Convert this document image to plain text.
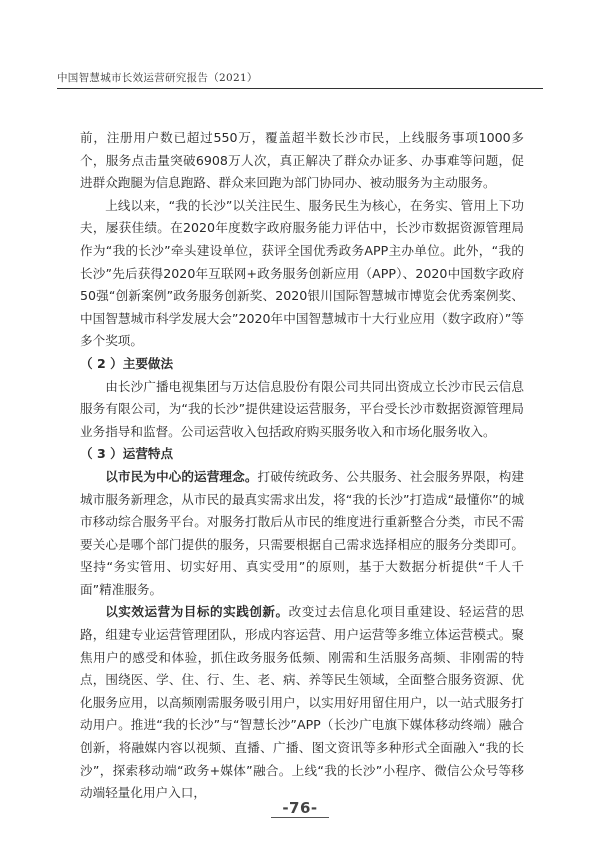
中国智慧城市长效运营研究报告（2021）

前，注册用户数已超过550万，覆盖超半数长沙市民，上线服务事项1000多个，服务点击量突破6908万人次，真正解决了群众办证多、办事难等问题，促进群众跑腿为信息跑路、群众来回跑为部门协同办、被动服务为主动服务。

上线以来，“我的长沙”以关注民生、服务民生为核心，在务实、管用上下功夫，屡获佳绩。在2020年度数字政府服务能力评估中，长沙市数据资源管理局作为“我的长沙”牵头建设单位，获评全国优秀政务APP主办单位。此外，“我的长沙”先后获得2020年互联网+政务服务创新应用（APP）、2020中国数字政府50强“创新案例”政务服务创新奖、2020银川国际智慧城市博览会优秀案例奖、中国智慧城市科学发展大会”2020年中国智慧城市十大行业应用（数字政府）”等多个奖项。

（ 2 ）主要做法

由长沙广播电视集团与万达信息股份有限公司共同出资成立长沙市民云信息服务有限公司，为“我的长沙”提供建设运营服务，平台受长沙市数据资源管理局业务指导和监督。公司运营收入包括政府购买服务收入和市场化服务收入。

（ 3 ）运营特点

以市民为中心的运营理念。打破传统政务、公共服务、社会服务界限，构建城市服务新理念，从市民的最真实需求出发，将“我的长沙”打造成“最懂你”的城市移动综合服务平台。对服务打散后从市民的维度进行重新整合分类，市民不需要关心是哪个部门提供的服务，只需要根据自己需求选择相应的服务分类即可。坚持“务实管用、切实好用、真实受用”的原则，基于大数据分析提供“千人千面”精准服务。

以实效运营为目标的实践创新。改变过去信息化项目重建设、轻运营的思路，组建专业运营管理团队，形成内容运营、用户运营等多维立体运营模式。聚焦用户的感受和体验，抓住政务服务低频、刚需和生活服务高频、非刚需的特点，围绕医、学、住、行、生、老、病、养等民生领域，全面整合服务资源、优化服务应用，以高频刚需服务吸引用户，以实用好用留住用户，以一站式服务打动用户。推进“我的长沙”与“智慧长沙”APP（长沙广电旗下媒体移动终端）融合创新，将融媒内容以视频、直播、广播、图文资讯等多种形式全面融入“我的长沙”，探索移动端“政务+媒体”融合。上线“我的长沙”小程序、微信公众号等移动端轻量化用户入口，

-76-
